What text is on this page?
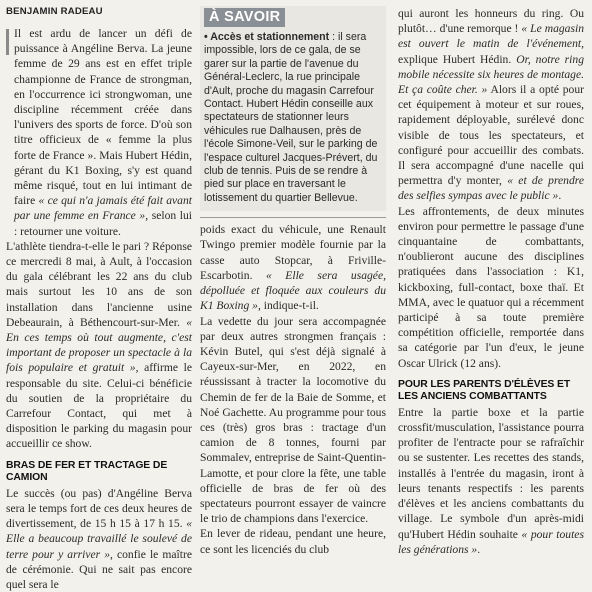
BENJAMIN RADEAU

Il est ardu de lancer un défi de puissance à Angéline Berva. La jeune femme de 29 ans est en effet triple championne de France de strongman, en l'occurrence ici strongwoman, une discipline récemment créée dans l'univers des sports de force. D'où son titre officieux de « femme la plus forte de France ». Mais Hubert Hédin, gérant du K1 Boxing, s'y est quand même risqué, tout en lui intimant de faire « ce qui n'a jamais été fait avant par une femme en France », selon lui : retourner une voiture.

L'athlète tiendra-t-elle le pari ? Réponse ce mercredi 8 mai, à Ault, à l'occasion du gala célébrant les 22 ans du club mais surtout les 10 ans de son installation dans l'ancienne usine Debeaurain, à Béthencourt-sur-Mer. « En ces temps où tout augmente, c'est important de proposer un spectacle à la fois populaire et gratuit », affirme le responsable du site. Celui-ci bénéficie du soutien de la propriétaire du Carrefour Contact, qui met à disposition le parking du magasin pour accueillir ce show.

BRAS DE FER ET TRACTAGE DE CAMION

Le succès (ou pas) d'Angéline Berva sera le temps fort de ces deux heures de divertissement, de 15 h 15 à 17 h 15. « Elle a beaucoup travaillé le soulevé de terre pour y arriver », confie le maître de cérémonie. Qui ne sait pas encore quel sera le

À SAVOIR

• Accès et stationnement : il sera impossible, lors de ce gala, de se garer sur la partie de l'avenue du Général-Leclerc, la rue principale d'Ault, proche du magasin Carrefour Contact. Hubert Hédin conseille aux spectateurs de stationner leurs véhicules rue Dalhausen, près de l'école Simone-Veil, sur le parking de l'espace culturel Jacques-Prévert, du club de tennis. Puis de se rendre à pied sur place en traversant le lotissement du quartier Bellevue.

poids exact du véhicule, une Renault Twingo premier modèle fournie par la casse auto Stopcar, à Friville-Escarbotin. « Elle sera usagée, dépolluée et floquée aux couleurs du K1 Boxing », indique-t-il.

La vedette du jour sera accompagnée par deux autres strongmen français : Kévin Butel, qui s'est déjà signalé à Cayeux-sur-Mer, en 2022, en réussissant à tracter la locomotive du Chemin de fer de la Baie de Somme, et Noé Gachette. Au programme pour tous ces (très) gros bras : tractage d'un camion de 8 tonnes, fourni par Sommalev, entreprise de Saint-Quentin-Lamotte, et pour clore la fête, une table officielle de bras de fer où des spectateurs pourront essayer de vaincre le trio de champions dans l'exercice.

En lever de rideau, pendant une heure, ce sont les licenciés du club

qui auront les honneurs du ring. Ou plutôt… d'une remorque ! « Le magasin est ouvert le matin de l'événement, explique Hubert Hédin. Or, notre ring mobile nécessite six heures de montage. Et ça coûte cher. » Alors il a opté pour cet équipement à moteur et sur roues, rapidement déployable, surélevé donc visible de tous les spectateurs, et configuré pour accueillir des combats. Il sera accompagné d'une nacelle qui permettra d'y monter, « et de prendre des selfies sympas avec le public ».

Les affrontements, de deux minutes environ pour permettre le passage d'une cinquantaine de combattants, n'oublieront aucune des disciplines pratiquées dans l'association : K1, kickboxing, full-contact, boxe thaï. Et MMA, avec le quatuor qui a récemment participé à sa toute première compétition officielle, remportée dans sa catégorie par l'un d'eux, le jeune Oscar Ulrick (12 ans).

POUR LES PARENTS D'ÉLÈVES ET LES ANCIENS COMBATTANTS

Entre la partie boxe et la partie crossfit/musculation, l'assistance pourra profiter de l'entracte pour se rafraîchir ou se sustenter. Les recettes des stands, installés à l'entrée du magasin, iront à leurs tenants respectifs : les parents d'élèves et les anciens combattants du village. Le symbole d'un après-midi qu'Hubert Hédin souhaite « pour toutes les générations ».
